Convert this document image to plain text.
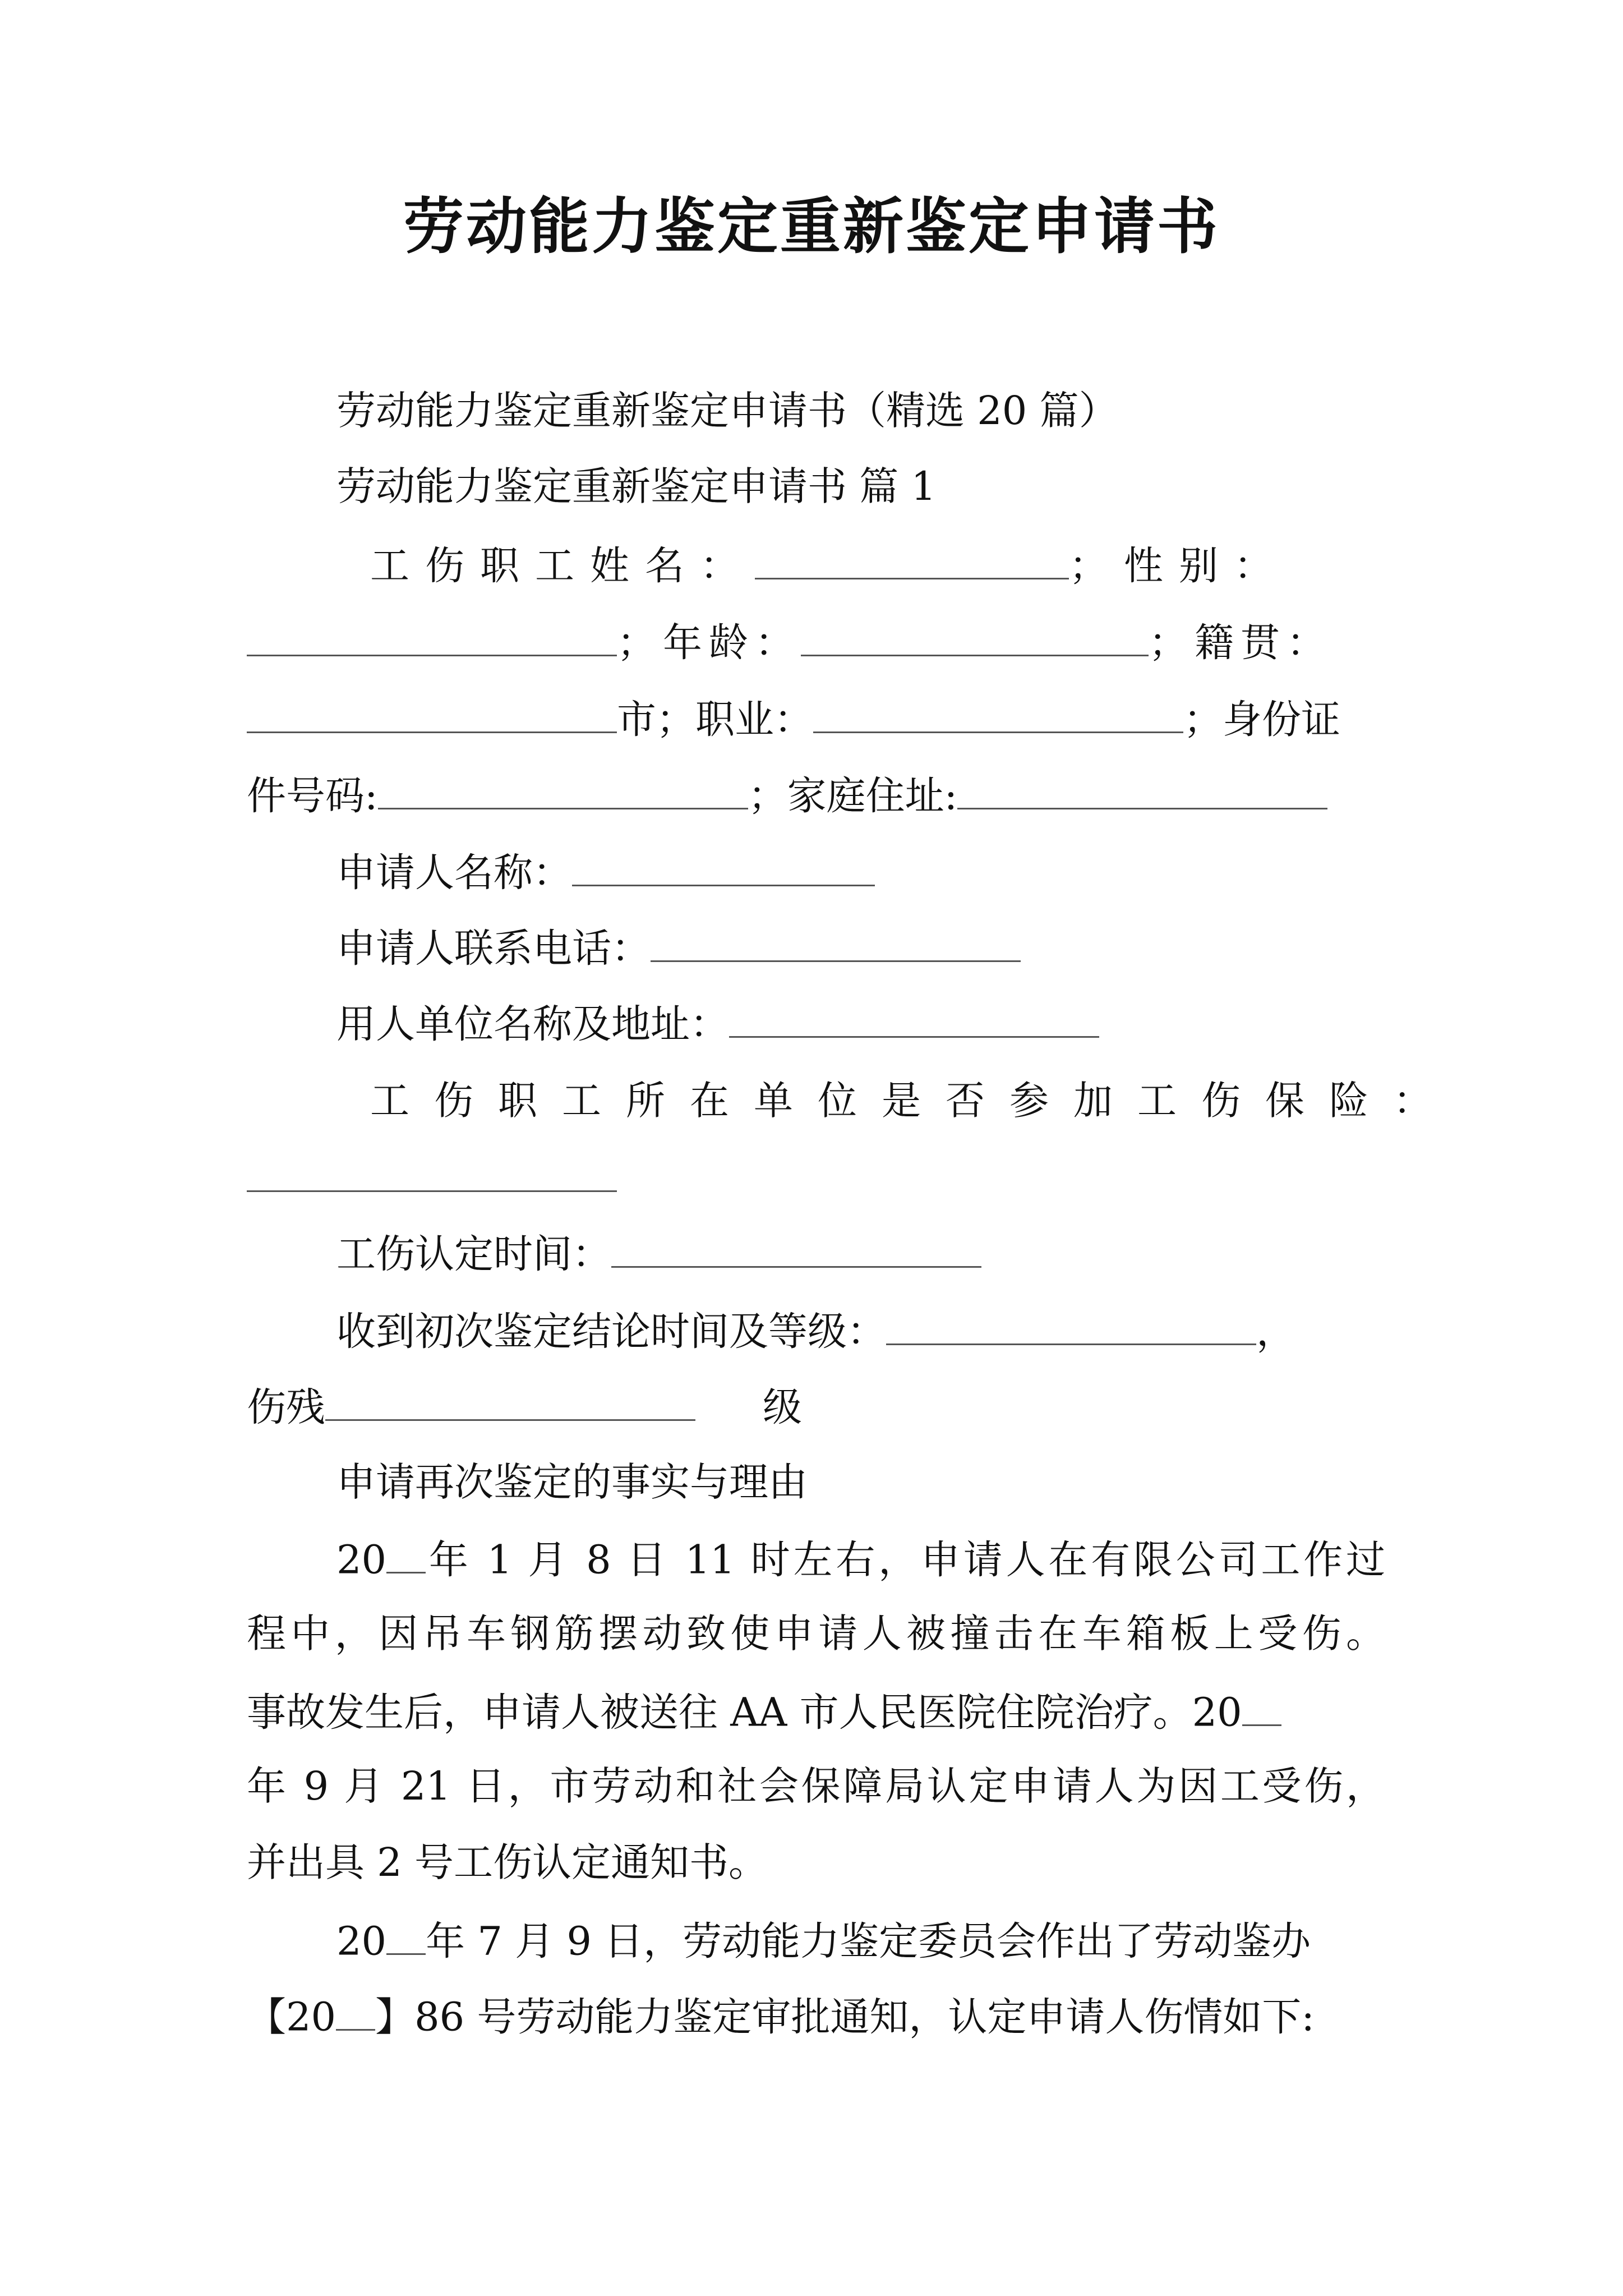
劳动能力鉴定重新鉴定申请书
劳动能力鉴定重新鉴定申请书（精选 20 篇）
劳动能力鉴定重新鉴定申请书 篇 1
工伤职工姓名：	；性别：
；年龄：	；籍贯：
市；职业：	；身份证
件号码:	；家庭住址:
申请人名称：
申请人联系电话：
用人单位名称及地址：
工伤职工所在单位是否参加工伤保险：
工伤认定时间：
收到初次鉴定结论时间及等级：	，
伤残	级
申请再次鉴定的事实与理由
20 年 1 月 8 日 11 时左右，申请人在有限公司工作过
程中，因吊车钢筋摆动致使申请人被撞击在车箱板上受伤。
事故发生后，申请人被送往 AA 市人民医院住院治疗。20
年 9 月 21 日，市劳动和社会保障局认定申请人为因工受伤，
并出具 2 号工伤认定通知书。
20 年 7 月 9 日，劳动能力鉴定委员会作出了劳动鉴办
【20 】86 号劳动能力鉴定审批通知，认定申请人伤情如下:
